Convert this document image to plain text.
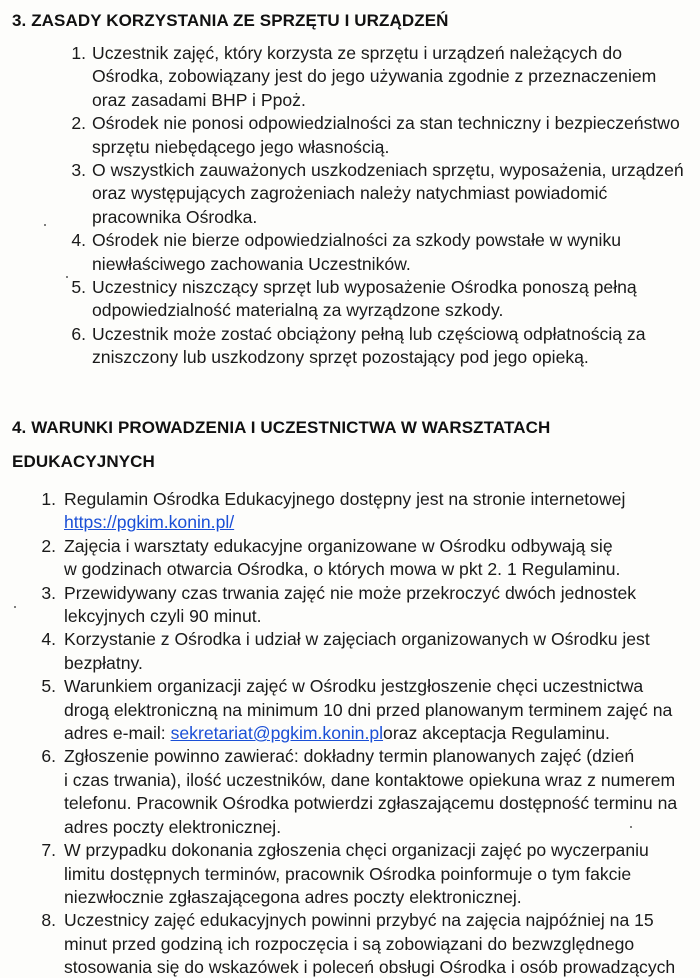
3. ZASADY KORZYSTANIA ZE SPRZĘTU I URZĄDZEŃ
1. Uczestnik zajęć, który korzysta ze sprzętu i urządzeń należących do
Ośrodka, zobowiązany jest do jego używania zgodnie z przeznaczeniem
oraz zasadami BHP i Ppoż.
2. Ośrodek nie ponosi odpowiedzialności za stan techniczny i bezpieczeństwo
sprzętu niebędącego jego własnością.
3. O wszystkich zauważonych uszkodzeniach sprzętu, wyposażenia, urządzeń
oraz występujących zagrożeniach należy natychmiast powiadomić
pracownika Ośrodka.
4. Ośrodek nie bierze odpowiedzialności za szkody powstałe w wyniku
niewłaściwego zachowania Uczestników.
5. Uczestnicy niszczący sprzęt lub wyposażenie Ośrodka ponoszą pełną
odpowiedzialność materialną za wyrządzone szkody.
6. Uczestnik może zostać obciążony pełną lub częściową odpłatnością za
zniszczony lub uszkodzony sprzęt pozostający pod jego opieką.
4. WARUNKI PROWADZENIA I UCZESTNICTWA W WARSZTATACH
EDUKACYJNYCH
1. Regulamin Ośrodka Edukacyjnego dostępny jest na stronie internetowej
https://pgkim.konin.pl/
2. Zajęcia i warsztaty edukacyjne organizowane w Ośrodku odbywają się
w godzinach otwarcia Ośrodka, o których mowa w pkt 2. 1 Regulaminu.
3. Przewidywany czas trwania zajęć nie może przekroczyć dwóch jednostek
lekcyjnych czyli 90 minut.
4. Korzystanie z Ośrodka i udział w zajęciach organizowanych w Ośrodku jest
bezpłatny.
5. Warunkiem organizacji zajęć w Ośrodku jestzgłoszenie chęci uczestnictwa
drogą elektroniczną na minimum 10 dni przed planowanym terminem zajęć na
adres e-mail: sekretariat@pgkim.konin.ploraz akceptacja Regulaminu.
6. Zgłoszenie powinno zawierać: dokładny termin planowanych zajęć (dzień
i czas trwania), ilość uczestników, dane kontaktowe opiekuna wraz z numerem
telefonu. Pracownik Ośrodka potwierdzi zgłaszającemu dostępność terminu na
adres poczty elektronicznej.
7. W przypadku dokonania zgłoszenia chęci organizacji zajęć po wyczerpaniu
limitu dostępnych terminów, pracownik Ośrodka poinformuje o tym fakcie
niezwłocznie zgłaszającegona adres poczty elektronicznej.
8. Uczestnicy zajęć edukacyjnych powinni przybyć na zajęcia najpóźniej na 15
minut przed godziną ich rozpoczęcia i są zobowiązani do bezwzględnego
stosowania się do wskazówek i poleceń obsługi Ośrodka i osób prowadzących
